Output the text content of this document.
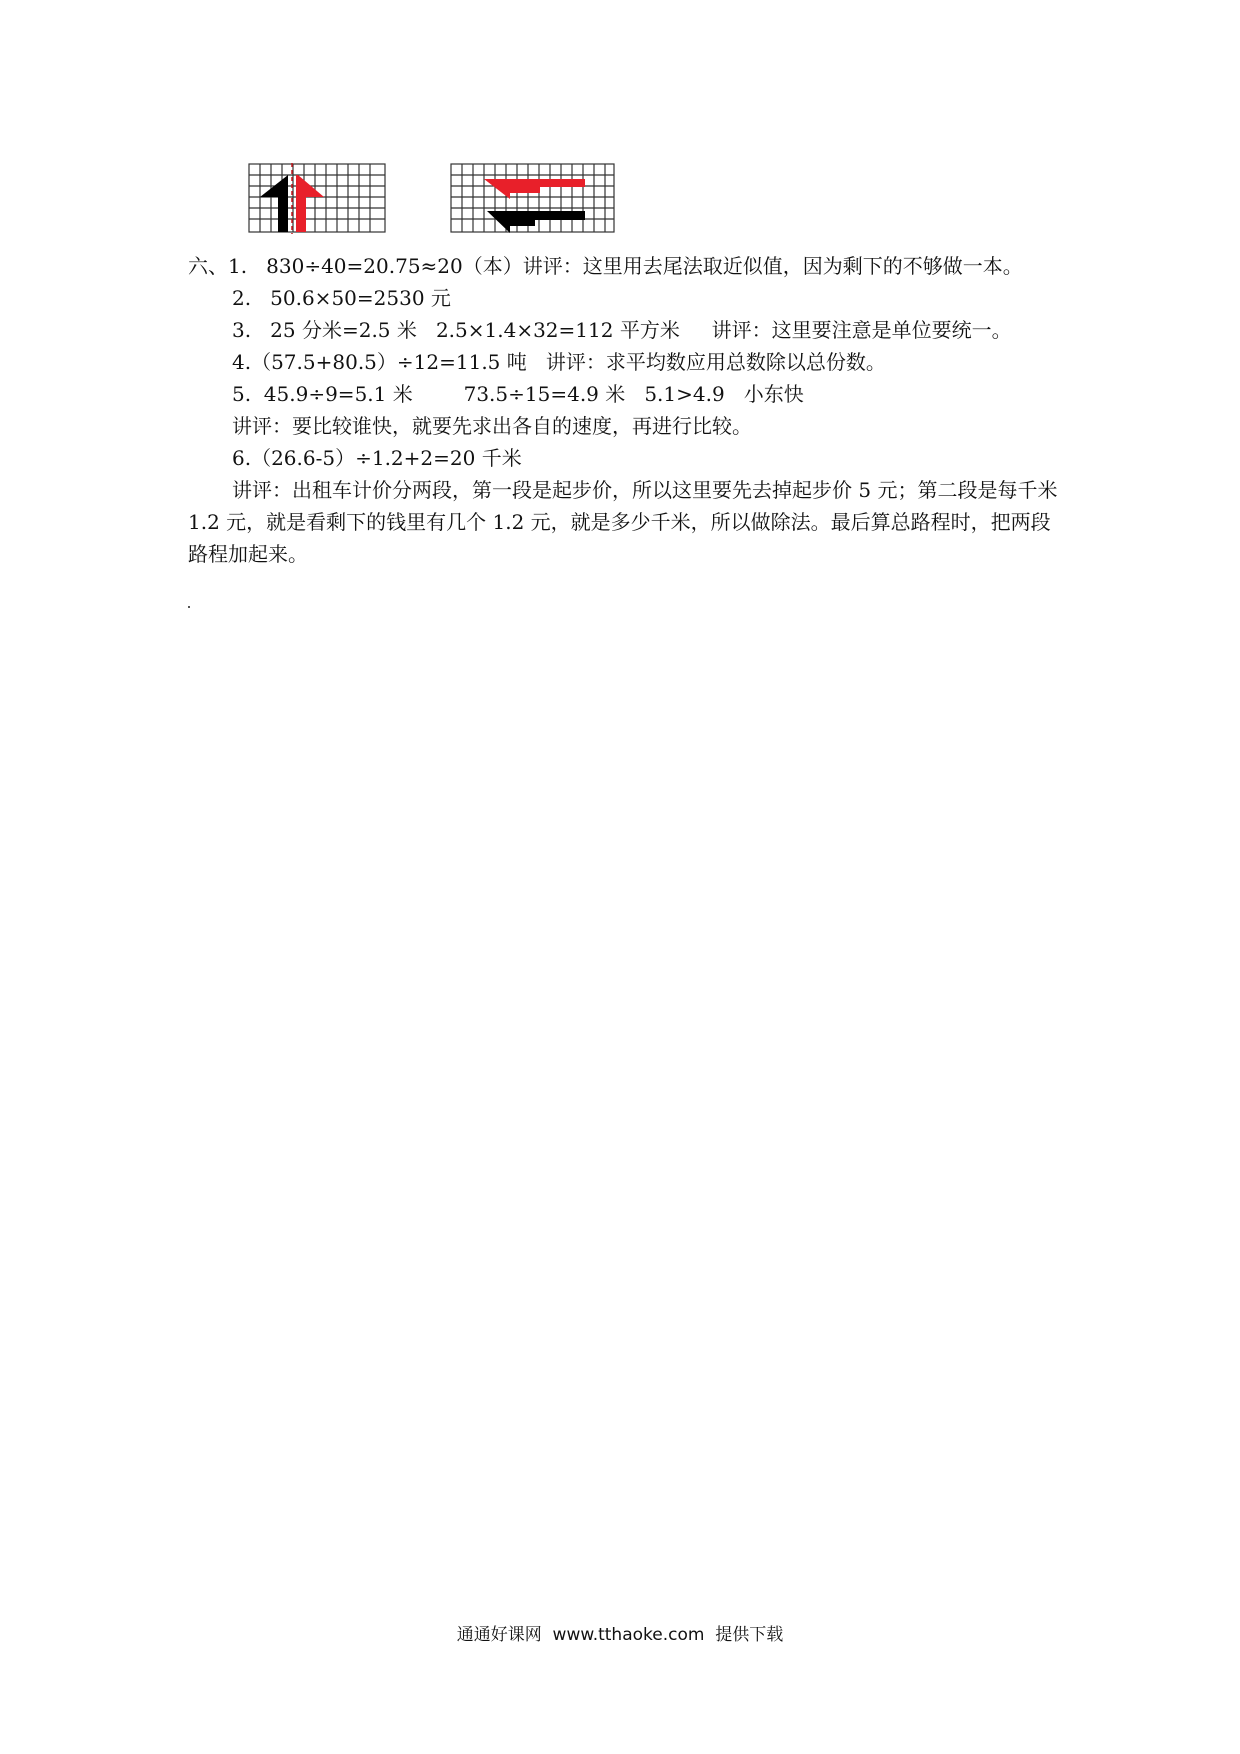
六、1.   830÷40=20.75≈20（本）讲评：这里用去尾法取近似值，因为剩下的不够做一本。
2.   50.6×50=2530 元
3.   25 分米=2.5 米   2.5×1.4×32=112 平方米     讲评：这里要注意是单位要统一。
4.（57.5+80.5）÷12=11.5 吨   讲评：求平均数应用总数除以总份数。
5.  45.9÷9=5.1 米        73.5÷15=4.9 米   5.1>4.9   小东快
讲评：要比较谁快，就要先求出各自的速度，再进行比较。
6.（26.6-5）÷1.2+2=20 千米
讲评：出租车计价分两段，第一段是起步价，所以这里要先去掉起步价 5 元；第二段是每千米 1.2 元，就是看剩下的钱里有几个 1.2 元，就是多少千米，所以做除法。最后算总路程时，把两段路程加起来。
通通好课网  www.tthaoke.com  提供下载
